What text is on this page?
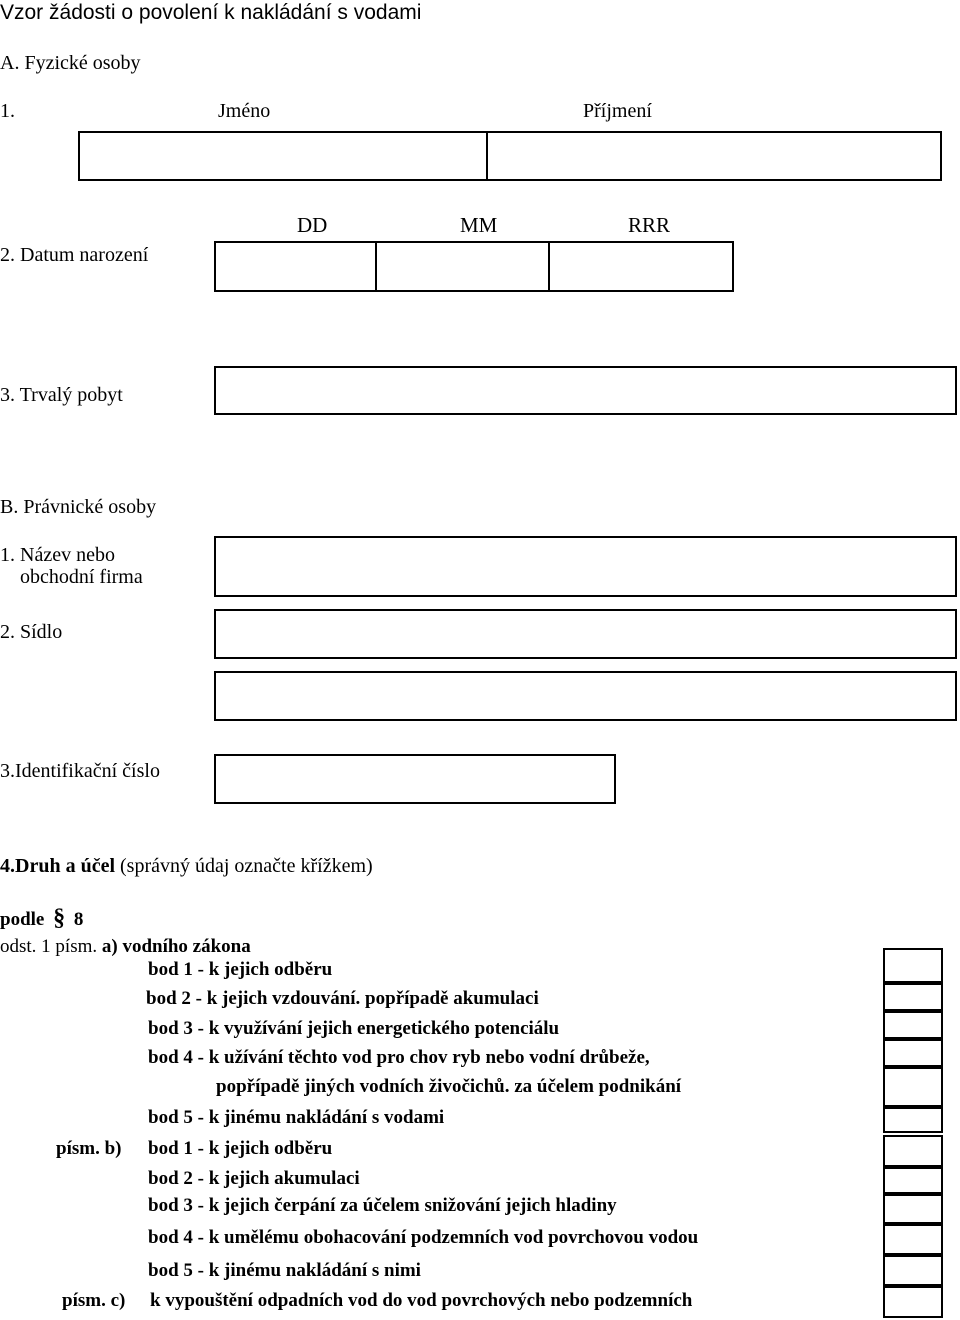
Vzor žádosti o povolení k nakládání s vodami
A. Fyzické osoby
1.	Jméno	Příjmení
DD	MM	RRR
2. Datum narození
3. Trvalý pobyt
B. Právnické osoby
1. Název nebo
obchodní firma
2. Sídlo
3.Identifikační číslo
4.Druh a účel (správný údaj označte křížkem)
podle § 8
odst. 1 písm. a) vodního zákona
bod 1 - k jejich odběru
bod 2 - k jejich vzdouvání. popřípadě akumulaci
bod 3 - k využívání jejich energetického potenciálu
bod 4 - k užívání těchto vod pro chov ryb nebo vodní drůbeže,
popřípadě jiných vodních živočichů. za účelem podnikání
bod 5 - k jinému nakládání s vodami
písm. b) bod 1 - k jejich odběru
bod 2 - k jejich akumulaci
bod 3 - k jejich čerpání za účelem snižování jejich hladiny
bod 4 - k umělému obohacování podzemních vod povrchovou vodou
bod 5 - k jinému nakládání s nimi
písm. c) k vypouštění odpadních vod do vod povrchových nebo podzemních
